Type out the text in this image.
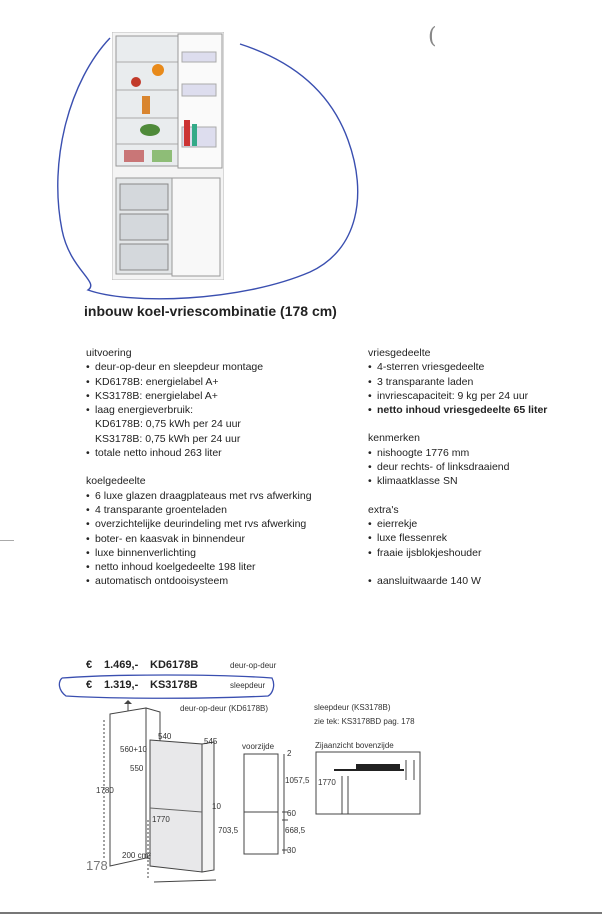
(
inbouw koel-vriescombinatie (178 cm)
uitvoering
• deur-op-deur en sleepdeur montage
• KD6178B: energielabel A+
• KS3178B: energielabel A+
• laag energieverbruik:
KD6178B: 0,75 kWh per 24 uur
KS3178B: 0,75 kWh per 24 uur
• totale netto inhoud 263 liter
koelgedeelte
• 6 luxe glazen draagplateaus met rvs afwerking
• 4 transparante groenteladen
• overzichtelijke deurindeling met rvs afwerking
• boter- en kaasvak in binnendeur
• luxe binnenverlichting
• netto inhoud koelgedeelte 198 liter
• automatisch ontdooisysteem
vriesgedeelte
• 4-sterren vriesgedeelte
• 3 transparante laden
• invriescapaciteit: 9 kg per 24 uur
• netto inhoud vriesgedeelte 65 liter
kenmerken
• nishoogte 1776 mm
• deur rechts- of linksdraaiend
• klimaatklasse SN
extra's
• eierrekje
• luxe flessenrek
• fraaie ijsblokjeshouder
• aansluitwaarde 140 W
€ 1.469,- KD6178B	deur-op-deur
€ 1.319,- KS3178B	sleepdeur
deur-op-deur (KD6178B)	sleepdeur (KS3178B)
zie tek: KS3178BD pag. 178
540
545
560+10
550
1780
1770
10
703,5
200 cm²
voorzijde
2
1057,5
60
668,5
30
Zijaanzicht bovenzijde
1770
178
